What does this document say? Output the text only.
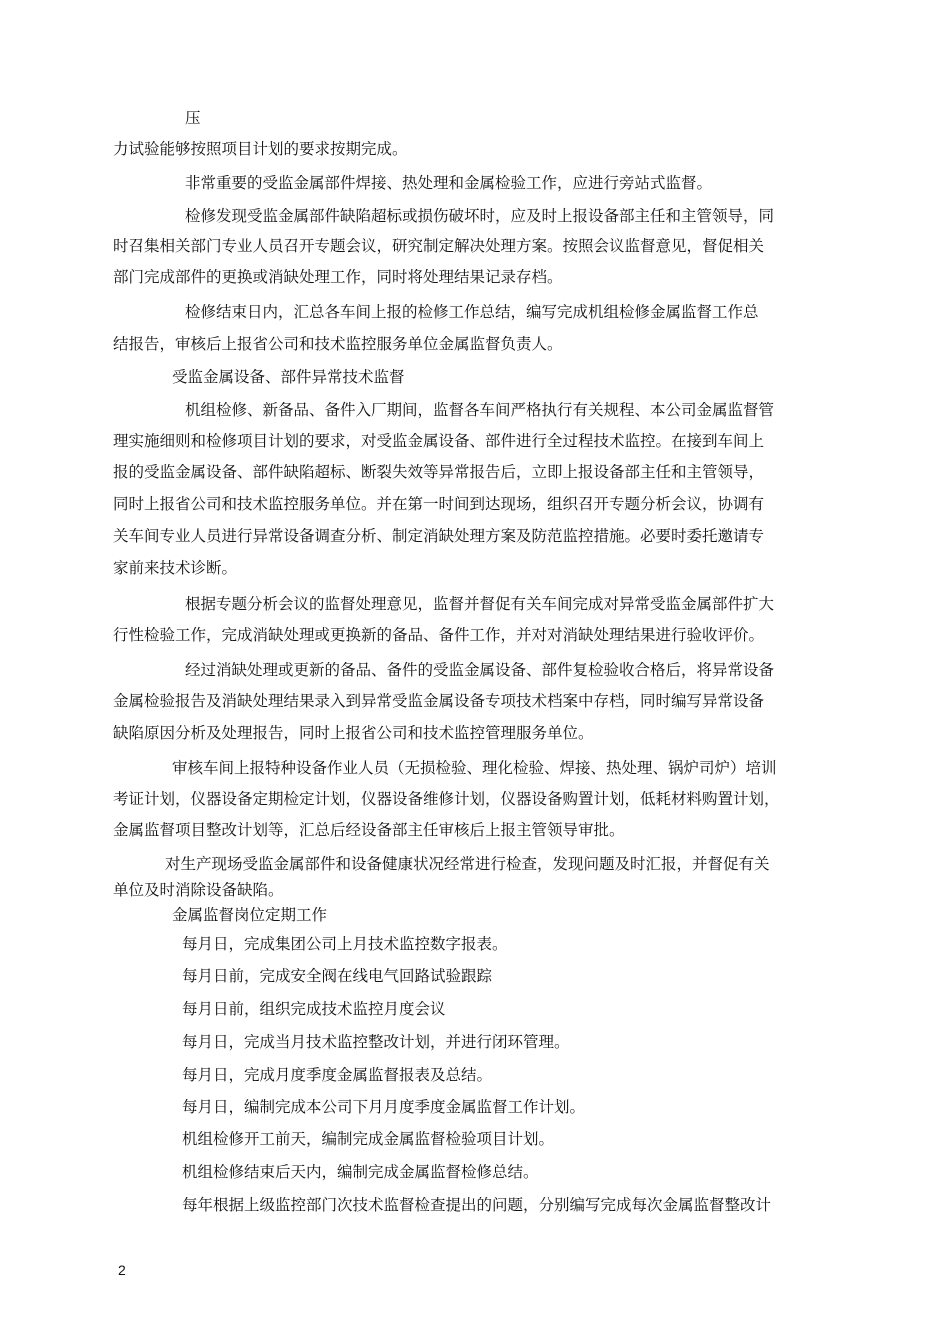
压
力试验能够按照项目计划的要求按期完成。
非常重要的受监金属部件焊接、热处理和金属检验工作，应进行旁站式监督。
检修发现受监金属部件缺陷超标或损伤破坏时，应及时上报设备部主任和主管领导，同
时召集相关部门专业人员召开专题会议，研究制定解决处理方案。按照会议监督意见，督促相关
部门完成部件的更换或消缺处理工作，同时将处理结果记录存档。
检修结束日内，汇总各车间上报的检修工作总结，编写完成机组检修金属监督工作总
结报告，审核后上报省公司和技术监控服务单位金属监督负责人。
受监金属设备、部件异常技术监督
机组检修、新备品、备件入厂期间，监督各车间严格执行有关规程、本公司金属监督管
理实施细则和检修项目计划的要求，对受监金属设备、部件进行全过程技术监控。在接到车间上
报的受监金属设备、部件缺陷超标、断裂失效等异常报告后，立即上报设备部主任和主管领导，
同时上报省公司和技术监控服务单位。并在第一时间到达现场，组织召开专题分析会议，协调有
关车间专业人员进行异常设备调查分析、制定消缺处理方案及防范监控措施。必要时委托邀请专
家前来技术诊断。
根据专题分析会议的监督处理意见，监督并督促有关车间完成对异常受监金属部件扩大
行性检验工作，完成消缺处理或更换新的备品、备件工作，并对对消缺处理结果进行验收评价。
经过消缺处理或更新的备品、备件的受监金属设备、部件复检验收合格后，将异常设备
金属检验报告及消缺处理结果录入到异常受监金属设备专项技术档案中存档，同时编写异常设备
缺陷原因分析及处理报告，同时上报省公司和技术监控管理服务单位。
审核车间上报特种设备作业人员（无损检验、理化检验、焊接、热处理、锅炉司炉）培训
考证计划，仪器设备定期检定计划，仪器设备维修计划，仪器设备购置计划，低耗材料购置计划，
金属监督项目整改计划等，汇总后经设备部主任审核后上报主管领导审批。
对生产现场受监金属部件和设备健康状况经常进行检查，发现问题及时汇报，并督促有关
单位及时消除设备缺陷。
金属监督岗位定期工作
每月日，完成集团公司上月技术监控数字报表。
每月日前，完成安全阀在线电气回路试验跟踪
每月日前，组织完成技术监控月度会议
每月日，完成当月技术监控整改计划，并进行闭环管理。
每月日，完成月度季度金属监督报表及总结。
每月日，编制完成本公司下月月度季度金属监督工作计划。
机组检修开工前天，编制完成金属监督检验项目计划。
机组检修结束后天内，编制完成金属监督检修总结。
每年根据上级监控部门次技术监督检查提出的问题，分别编写完成每次金属监督整改计
2
